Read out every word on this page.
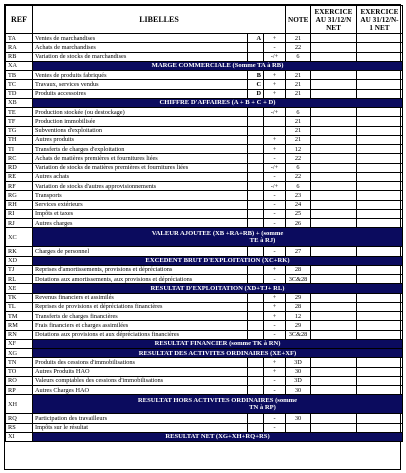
REF	LIBELLES			NOTE	EXERCICE AU 31/12/N NET	EXERCICE AU 31/12/N-1 NET
TA	Ventes de marchandises	A	+	21		
RA	Achats de marchandises		-	22		
RB	Variation de stocks de marchandises		-/+	6		
XA	MARGE COMMERCIALE (Somme TA à RB)					
TB	Ventes de produits fabriqués	B	+	21		
TC	Travaux, services vendus	C	+	21		
TD	Produits accessoires	D	+	21		
XB	CHIFFRE D'AFFAIRES (A + B + C + D)					
TE	Production stockée (ou destockage)		-/+	6		
TF	Production immobilisée			21		
TG	Subventions d'exploitation			21		
TH	Autres produits		+	21		
TI	Transferts de charges d'exploitation		+	12		
RC	Achats de matières premières et fournitures liées		-	22		
RD	Variation de stocks de matières premières et fournitures liées		-/+	6		
RE	Autres achats		-	22		
RF	Variation de stocks d'autres approvisionnements		-/+	6		
RG	Transports		-	23		
RH	Services extérieurs		-	24		
RI	Impôts et taxes		-	25		
RJ	Autres charges		-	26		
XC	VALEUR AJOUTEE (XB +RA+RB) + (somme
TE à RJ)					

RK	Charges de personnel		-	27		
XD	EXCEDENT BRUT D'EXPLOITATION (XC+RK)					
TJ	Reprises d'amortissements, provisions et dépréciations		+	28		
RL	Dotations aux amortissements, aux provisions et dépréciations		-	3C&28		
XE	RESULTAT D'EXPLOITATION (XD+TJ+ RL)					
TK	Revenus financiers et assimilés		+	29		
TL	Reprises de provisions et dépréciations financières		+	28		
TM	Transferts de charges financières		+	12		
RM	Frais financiers et charges assimilées		-	29		
RN	Dotations aux provisions et aux dépréciations financières		-	3C&28		
XF	RESULTAT FINANCIER (somme TK à RN)					
XG	RESULTAT DES ACTIVITES ORDINAIRES (XE+XF)					
TN	Produits des cessions d'immobilisations		+	3D		
TO	Autres Produits HAO		+	30		
RO	Valeurs comptables des cessions d'immobilisations		-	3D		
RP	Autres Charges HAO		-	30		
XH	RESULTAT HORS ACTIVITES ORDINAIRES (somme
TN à RP)					

RQ	Participation des travailleurs		-	30		
RS	Impôts sur le résultat		-			
XI	RESULTAT NET (XG+XH+RQ+RS)					
